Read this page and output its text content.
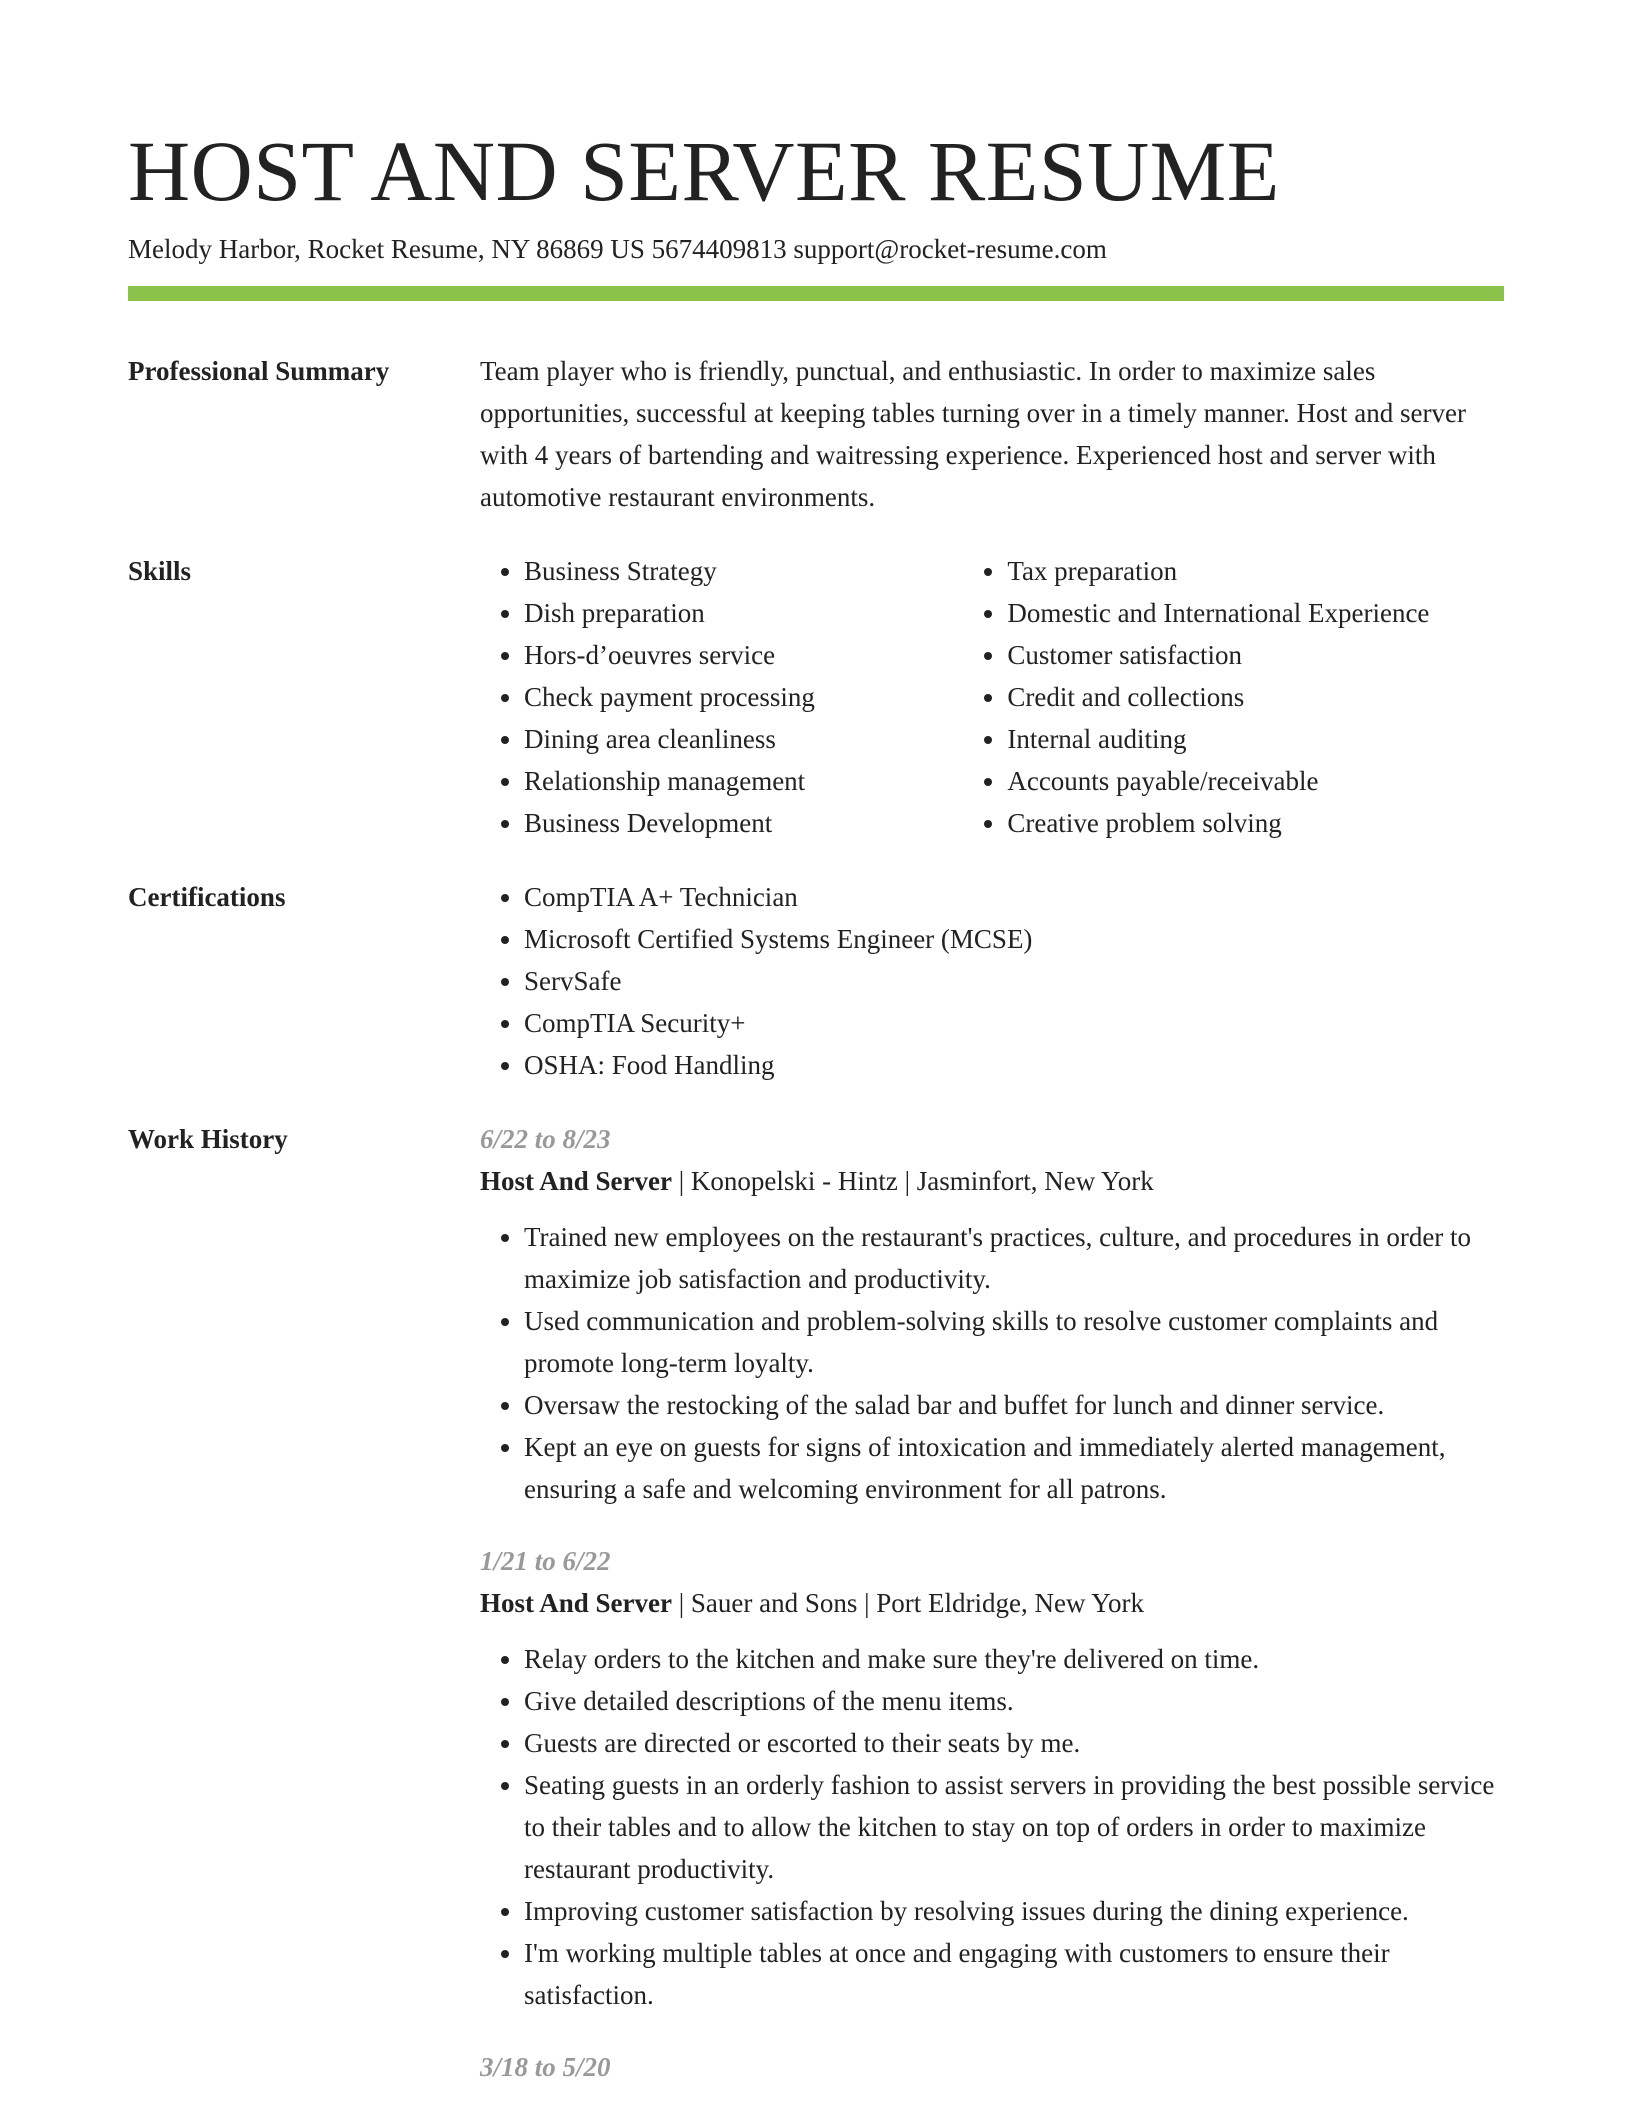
HOST AND SERVER RESUME
Melody Harbor, Rocket Resume, NY 86869 US 5674409813 support@rocket-resume.com
Professional Summary	Team player who is friendly, punctual, and enthusiastic. In order to maximize sales opportunities, successful at keeping tables turning over in a timely manner. Host and server with 4 years of bartending and waitressing experience. Experienced host and server with automotive restaurant environments.

Skills	• Business Strategy
• Dish preparation
• Hors-d’oeuvres service
• Check payment processing
• Dining area cleanliness
• Relationship management
• Business Development
• Tax preparation
• Domestic and International Experience
• Customer satisfaction
• Credit and collections
• Internal auditing
• Accounts payable/receivable
• Creative problem solving
Certifications	• CompTIA A+ Technician
• Microsoft Certified Systems Engineer (MCSE)
• ServSafe
• CompTIA Security+
• OSHA: Food Handling
Work History	6/22 to 8/23
Host And Server | Konopelski - Hintz | Jasminfort, New York
• Trained new employees on the restaurant's practices, culture, and procedures in order to maximize job satisfaction and productivity.
• Used communication and problem-solving skills to resolve customer complaints and promote long-term loyalty.
• Oversaw the restocking of the salad bar and buffet for lunch and dinner service.
• Kept an eye on guests for signs of intoxication and immediately alerted management, ensuring a safe and welcoming environment for all patrons.
1/21 to 6/22
Host And Server | Sauer and Sons | Port Eldridge, New York
• Relay orders to the kitchen and make sure they're delivered on time.
• Give detailed descriptions of the menu items.
• Guests are directed or escorted to their seats by me.
• Seating guests in an orderly fashion to assist servers in providing the best possible service to their tables and to allow the kitchen to stay on top of orders in order to maximize restaurant productivity.
• Improving customer satisfaction by resolving issues during the dining experience.
• I'm working multiple tables at once and engaging with customers to ensure their satisfaction.
3/18 to 5/20
